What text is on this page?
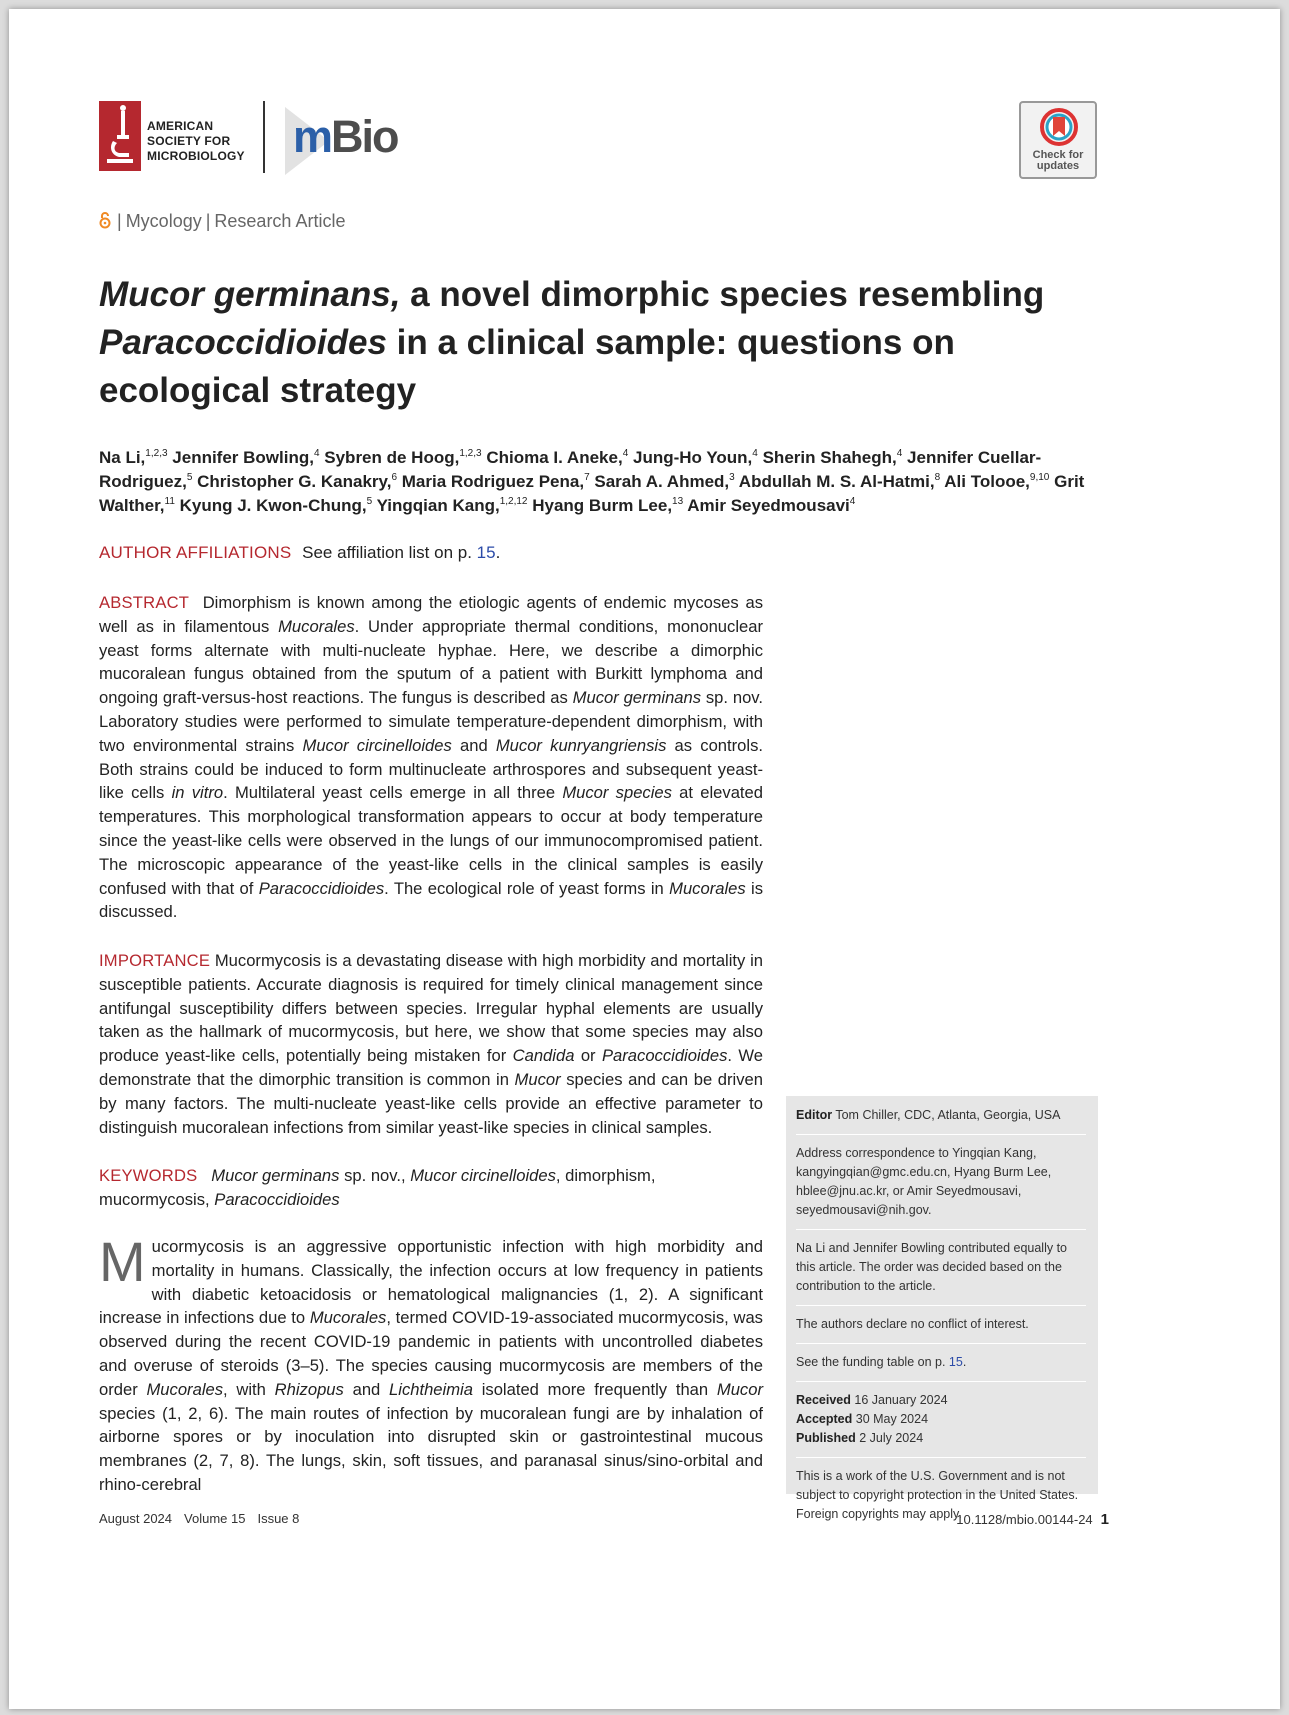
AMERICAN
SOCIETY FOR
MICROBIOLOGY mBio	Check for
updates
| Mycology | Research Article
Mucor germinans, a novel dimorphic species resembling
Paracoccidioides in a clinical sample: questions on
ecological strategy
Na Li,$^{1,2,3}$ Jennifer Bowling,$^4$ Sybren de Hoog,$^{1,2,3}$ Chioma I. Aneke,$^4$ Jung-Ho Youn,$^4$ Sherin Shahegh,$^4$ Jennifer Cuellar-Rodriguez,$^5$ Christopher G. Kanakry,$^6$ Maria Rodriguez Pena,$^7$ Sarah A. Ahmed,$^3$ Abdullah M. S. Al-Hatmi,$^8$ Ali Tolooe,$^{9,10}$ Grit Walther,$^{11}$ Kyung J. Kwon-Chung,$^5$ Yingqian Kang,$^{1,2,12}$ Hyang Burm Lee,$^{13}$ Amir Seyedmousavi$^4$
AUTHOR AFFILIATIONS See affiliation list on p. 15.
ABSTRACT Dimorphism is known among the etiologic agents of endemic mycoses as well as in filamentous Mucorales. Under appropriate thermal conditions, mononuclear yeast forms alternate with multi-nucleate hyphae. Here, we describe a dimorphic mucoralean fungus obtained from the sputum of a patient with Burkitt lymphoma and ongoing graft-versus-host reactions. The fungus is described as Mucor germinans sp. nov. Laboratory studies were performed to simulate temperature-dependent dimorphism, with two environmental strains Mucor circinelloides and Mucor kunryangriensis as controls. Both strains could be induced to form multinucleate arthrospores and subsequent yeast-like cells in vitro. Multilateral yeast cells emerge in all three Mucor species at elevated temperatures. This morphological transformation appears to occur at body temperature since the yeast-like cells were observed in the lungs of our immunocompromised patient. The microscopic appearance of the yeast-like cells in the clinical samples is easily confused with that of Paracoccidioides. The ecological role of yeast forms in Mucorales is discussed.
IMPORTANCE Mucormycosis is a devastating disease with high morbidity and mortality in susceptible patients. Accurate diagnosis is required for timely clinical management since antifungal susceptibility differs between species. Irregular hyphal elements are usually taken as the hallmark of mucormycosis, but here, we show that some species may also produce yeast-like cells, potentially being mistaken for Candida or Paracoccidioides. We demonstrate that the dimorphic transition is common in Mucor species and can be driven by many factors. The multi-nucleate yeast-like cells provide an effective parameter to distinguish mucoralean infections from similar yeast-like species in clinical samples.
KEYWORDS Mucor germinans sp. nov., Mucor circinelloides, dimorphism, mucormycosis, Paracoccidioides
Mucormycosis is an aggressive opportunistic infection with high morbidity and mortality in humans. Classically, the infection occurs at low frequency in patients with diabetic ketoacidosis or hematological malignancies (1, 2). A significant increase in infections due to Mucorales, termed COVID-19-associated mucormycosis, was observed during the recent COVID-19 pandemic in patients with uncontrolled diabetes and overuse of steroids (3–5). The species causing mucormycosis are members of the order Mucorales, with Rhizopus and Lichtheimia isolated more frequently than Mucor species (1, 2, 6). The main routes of infection by mucoralean fungi are by inhalation of airborne spores or by inoculation into disrupted skin or gastrointestinal mucous membranes (2, 7, 8). The lungs, skin, soft tissues, and paranasal sinus/sino-orbital and rhino-cerebral
Editor Tom Chiller, CDC, Atlanta, Georgia, USA
Address correspondence to Yingqian Kang, kangyingqian@gmc.edu.cn, Hyang Burm Lee, hblee@jnu.ac.kr, or Amir Seyedmousavi, seyedmousavi@nih.gov.
Na Li and Jennifer Bowling contributed equally to this article. The order was decided based on the contribution to the article.
The authors declare no conflict of interest.
See the funding table on p. 15.
Received 16 January 2024
Accepted 30 May 2024
Published 2 July 2024
This is a work of the U.S. Government and is not subject to copyright protection in the United States. Foreign copyrights may apply.
August 2024 Volume 15 Issue 8	10.1128/mbio.00144-24 1
